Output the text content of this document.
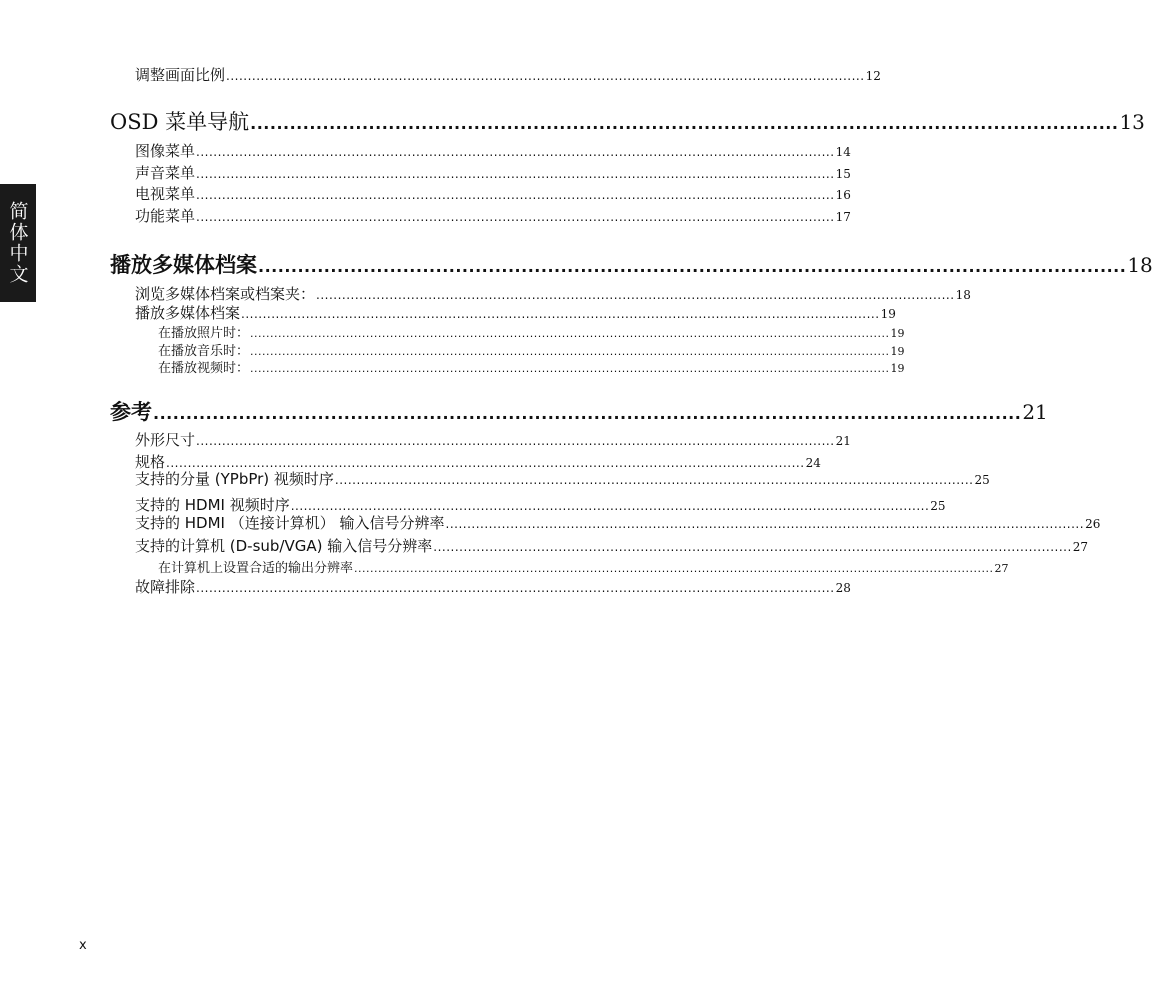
简体中文
调整画面比例 .................................................................................................................................................... 12
OSD 菜单导航 .................................................................................................................................... 13
图像菜单 .................................................................................................................................................... 14
声音菜单 .................................................................................................................................................... 15
电视菜单 .................................................................................................................................................... 16
功能菜单 .................................................................................................................................................... 17
播放多媒体档案 .................................................................................................................................... 18
浏览多媒体档案或档案夹： .................................................................................................................................................... 18
播放多媒体档案 .................................................................................................................................................... 19
在播放照片时： ................................................................................................................................................................ 19
在播放音乐时： ................................................................................................................................................................ 19
在播放视频时： ................................................................................................................................................................ 19
参考 .................................................................................................................................... 21
外形尺寸 .................................................................................................................................................... 21
规格 .................................................................................................................................................... 24
支持的分量 (YPbPr) 视频时序 .................................................................................................................................................... 25
支持的 HDMI 视频时序 .................................................................................................................................................... 25
支持的 HDMI （连接计算机） 输入信号分辨率 .................................................................................................................................................... 26
支持的计算机 (D-sub/VGA) 输入信号分辨率 .................................................................................................................................................... 27
在计算机上设置合适的输出分辨率 ................................................................................................................................................................ 27
故障排除 .................................................................................................................................................... 28
x
